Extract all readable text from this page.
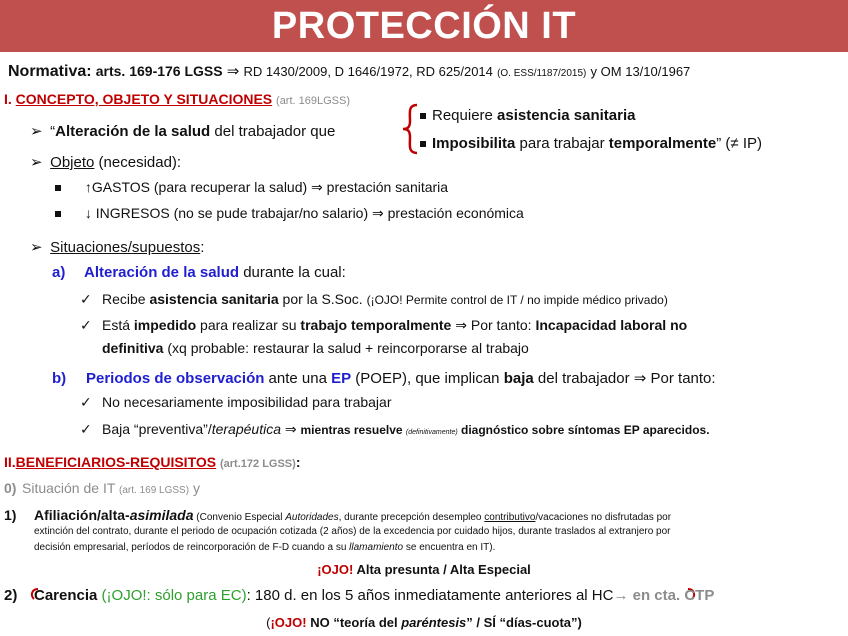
PROTECCIÓN IT
Normativa: arts. 169-176 LGSS ⇒ RD 1430/2009, D 1646/1972, RD 625/2014 (O. ESS/1187/2015) y OM 13/10/1967
I. CONCEPTO, OBJETO Y SITUACIONES (art. 169LGSS)
➢ “Alteración de la salud del trabajador que
Requiere asistencia sanitaria
Imposibilita para trabajar temporalmente” (≠ IP)
➢ Objeto (necesidad):
↑GASTOS (para recuperar la salud) ⇒ prestación sanitaria
↓ INGRESOS (no se pude trabajar/no salario) ⇒ prestación económica
➢ Situaciones/supuestos:
a) Alteración de la salud durante la cual:
✓ Recibe asistencia sanitaria por la S.Soc. (¡OJO! Permite control de IT / no impide médico privado)
✓ Está impedido para realizar su trabajo temporalmente ⇒ Por tanto: Incapacidad laboral no
definitiva (xq probable: restaurar la salud + reincorporarse al trabajo
b) Periodos de observación ante una EP (POEP), que implican baja del trabajador ⇒ Por tanto:
✓ No necesariamente imposibilidad para trabajar
✓ Baja “preventiva”/terapéutica ⇒ mientras resuelve (definitivamente) diagnóstico sobre síntomas EP aparecidos.
II.BENEFICIARIOS-REQUISITOS (art.172 LGSS):
0) Situación de IT (art. 169 LGSS) y
1) Afiliación/alta-asimilada (Convenio Especial Autoridades, durante precepción desempleo contributivo/vacaciones no disfrutadas por
extinción del contrato, durante el periodo de ocupación cotizada (2 años) de la excedencia por cuidado hijos, durante traslados al extranjero por
decisión empresarial, períodos de reincorporación de F-D cuando a su llamamiento se encuentra en IT).
¡OJO! Alta presunta / Alta Especial
2) Carencia (¡OJO!: sólo para EC): 180 d. en los 5 años inmediatamente anteriores al HC→ en cta. CTP
(¡OJO! NO “teoría del paréntesis” / SÍ “días-cuota”)
